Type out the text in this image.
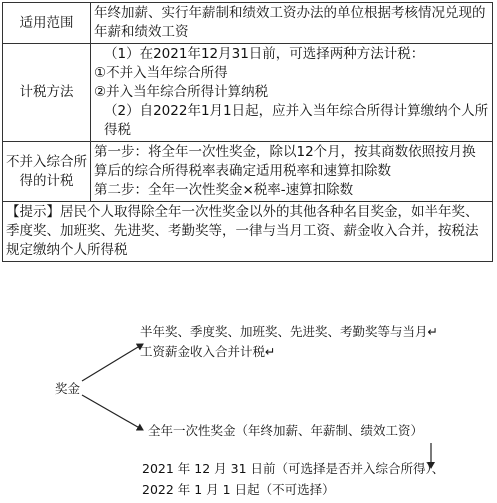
适用范围	年终加薪、实行年薪制和绩效工资办法的单位根据考核情况兑现的年薪和绩效工资

计税方法	（1）在2021年12月31日前，可选择两种方法计税：
①不并入当年综合所得
②并入当年综合所得计算纳税
（2）自2022年1月1日起，应并入当年综合所得计算缴纳个人所得税

不并入综合所得的计税	第一步：将全年一次性奖金，除以12个月，按其商数依照按月换算后的综合所得税率表确定适用税率和速算扣除数
第二步：全年一次性奖金×税率-速算扣除数

【提示】居民个人取得除全年一次性奖金以外的其他各种名目奖金，如半年奖、季度奖、加班奖、先进奖、考勤奖等，一律与当月工资、薪金收入合并，按税法规定缴纳个人所得税	
奖金
半年奖、季度奖、加班奖、先进奖、考勤奖等与当月↵
工资薪金收入合并计税↵
全年一次性奖金（年终加薪、年薪制、绩效工资）
2021 年 12 月 31 日前（可选择是否并入综合所得）、
2022 年 1 月 1 日起（不可选择）
